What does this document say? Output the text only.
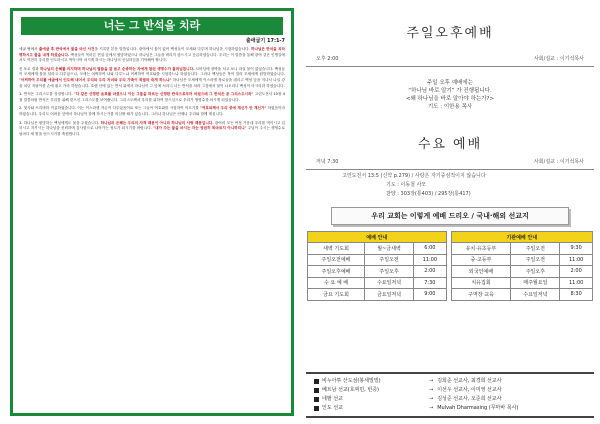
너는 그 반석을 치라
출애굽기 17:1-7

애굽 땅에서 출애굽 후 반석에서 물을 마신 사건을 기록한 본문 말씀입니다. 광야에서 물이 없어 백성들이 모세와 다투며 하나님을 시험하였습니다. 하나님은 반석을 치라 명하시고 물을 내게 하셨습니다. 백성들이 목마른 현실 앞에서 원망하였으나 하나님은 그들을 버리지 않으시고 공급하셨습니다. 우리는 이 말씀을 통해 광야 같은 인생길에서도 여전히 우리를 인도하시고 먹이시며 마시게 하시는 하나님의 신실하심을 기억해야 합니다.

신 포로 결과 하나님의 은혜를 의지하며 하나님의 말씀을 잘 듣고 순종하는 자에게 참된 생명수가 흘러넘칩니다. 르비딤에 장막을 치고 보니 마실 물이 없었습니다. 백성들이 모세에게 물을 달라고 다투었으나, 모세는 어찌하여 나와 다투느냐 어찌하여 여호와를 시험하느냐 하였습니다. 그러나 백성들은 목이 말라 모세에게 원망하였습니다. "어찌하여 우리를 애굽에서 인도해 내어서 우리와 우리 자녀와 우리 가축이 목말라 죽게 하느냐" 하나님은 모세에게 이스라엘 장로들을 데리고 백성 앞을 지나서 나일 강을 치던 지팡이를 손에 잡고 가라 하셨습니다. 호렙 산에 있는 반석 위에서 하나님이 그 앞에 서리니 너는 반석을 치라 그것에서 물이 나오리니 백성이 마시리라 하셨습니다.

1. 반석은 그리스도를 상징합니다. "다 같은 신령한 음료를 마셨으니 이는 그들을 따르는 신령한 반석으로부터 마셨으매 그 반석은 곧 그리스도시라" 고린도전서 10장 4절 말씀처럼 반석은 우리를 위해 맞으신 그리스도를 보여줍니다. 그리스도께서 우리를 위하여 맞으심으로 우리가 생명수를 마시게 되었습니다.

2. 맛사와 므리바라 이름하였습니다. 이는 이스라엘 자손이 다투었음이요 또는 그들이 여호와를 시험하여 이르기를 "여호와께서 우리 중에 계신가 안 계신가" 하였음이라 하였습니다. 우리도 어려움 앞에서 하나님이 함께 하시는가를 의심할 때가 있습니다. 그러나 하나님은 언제나 우리와 함께 계십니다.

3. 하나님은 원망하는 백성에게도 물을 주셨습니다. 하나님의 은혜는 우리의 자격 때문이 아니라 하나님의 사랑 때문입니다. 광야의 모든 여정 가운데 우리를 먹이시고 입히시고 지키시는 하나님을 신뢰하며 감사함으로 나아가는 성도가 되시기를 바랍니다. "내가 주는 물을 마시는 자는 영원히 목마르지 아니하리니" 주님이 주시는 생명수로 날마다 새 힘을 얻으시기를 축원합니다.

주일오후예배
오후 2:00	사회/설교 : 이기석목사
주일 오후 예배에는
“하나님 바로 알기” 가 진행됩니다.
<왜 하나님을 바로 알아야 하는가?>
기도 : 이한용 목사
수요 예배
저녁 7:30	사회/설교 : 이기석목사
고린도전서 13:5 (신약 p.279) / 사랑은 자기중심적이지 않습니다
기도 : 이동철 사모
찬양 : 303장(통403) / 295장(통417)
우리 교회는 이렇게 예배 드리오 / 국내·해외 선교지
예배 안내				기관예배 안내		
새벽 기도회	월~금새벽	6:00		유치·유초등부	주일오전	9:30
주일오전예배	주일오전	11:00		중·고등부	주일오전	11:00
주일오후예배	주일오후	2:00		외국인예배	주일오후	2:00
수 요 예 배	수요일저녁	7:30		치유집회	매주월요일	11:00
금요 기도회	금요일저녁	9:00		구역장 교육	수요일저녁	8:30
비누아투 산도섬(봉세빌빌)	→ 김희준 선교사, 최경희 선교사
베트남 선교(호찌민, 빈증)	→ 이선우 선교사, 이미영 선교사
네팔 선교	→ 김성준 선교사, 오준희 선교사
인도 선교	→ Mulvah Dharmasing (무마바 목사)
